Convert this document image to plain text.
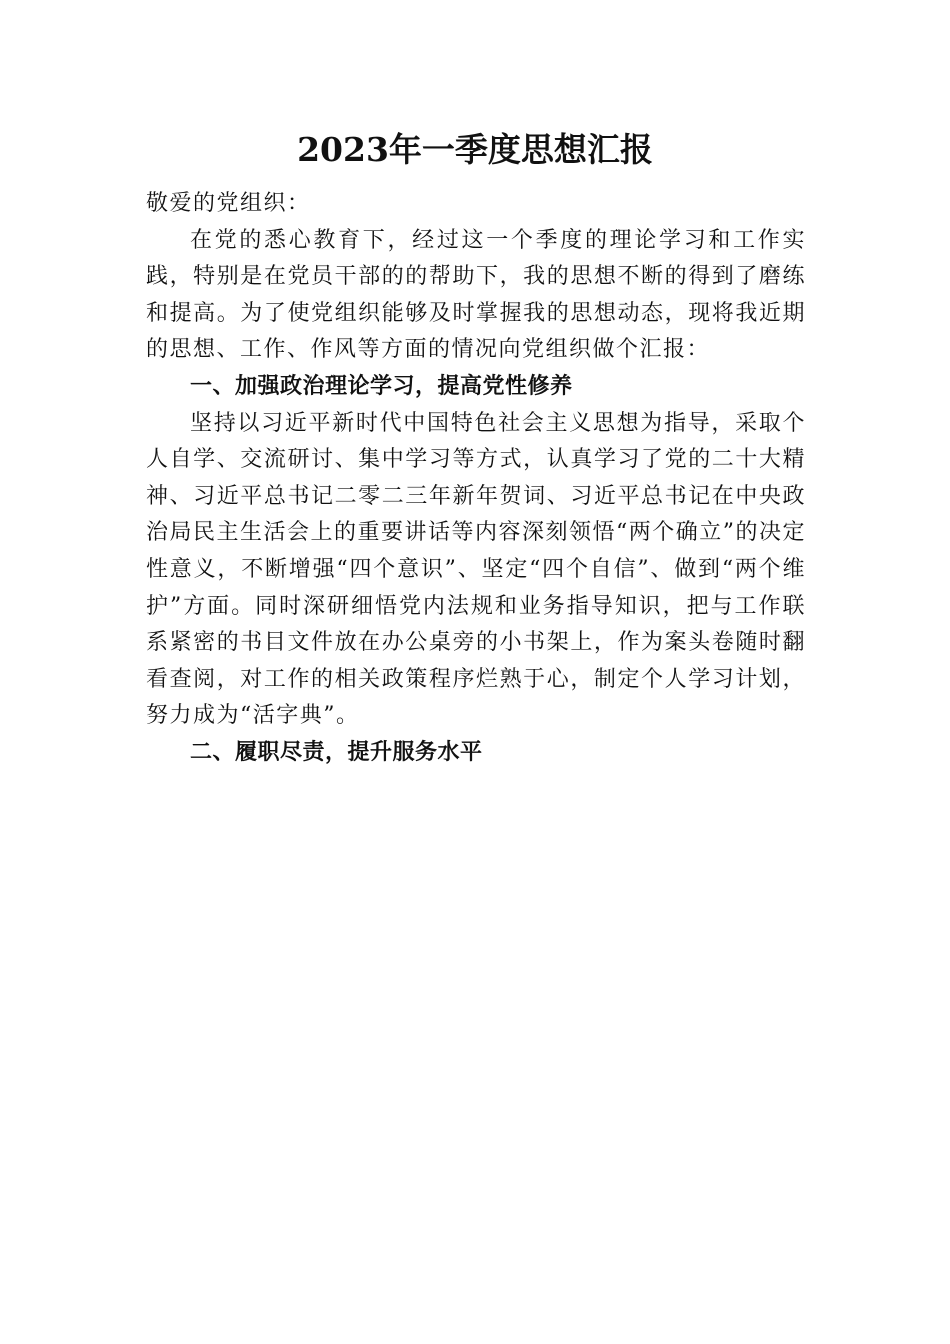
2023年一季度思想汇报

敬爱的党组织：

在党的悉心教育下，经过这一个季度的理论学习和工作实践，特别是在党员干部的的帮助下，我的思想不断的得到了磨练和提高。为了使党组织能够及时掌握我的思想动态，现将我近期的思想、工作、作风等方面的情况向党组织做个汇报：

一、加强政治理论学习，提高党性修养

坚持以习近平新时代中国特色社会主义思想为指导，采取个人自学、交流研讨、集中学习等方式，认真学习了党的二十大精神、习近平总书记二零二三年新年贺词、习近平总书记在中央政治局民主生活会上的重要讲话等内容深刻领悟“两个确立”的决定性意义，不断增强“四个意识”、坚定“四个自信”、做到“两个维护”方面。同时深研细悟党内法规和业务指导知识，把与工作联系紧密的书目文件放在办公桌旁的小书架上，作为案头卷随时翻看查阅，对工作的相关政策程序烂熟于心，制定个人学习计划，努力成为“活字典”。

二、履职尽责，提升服务水平
